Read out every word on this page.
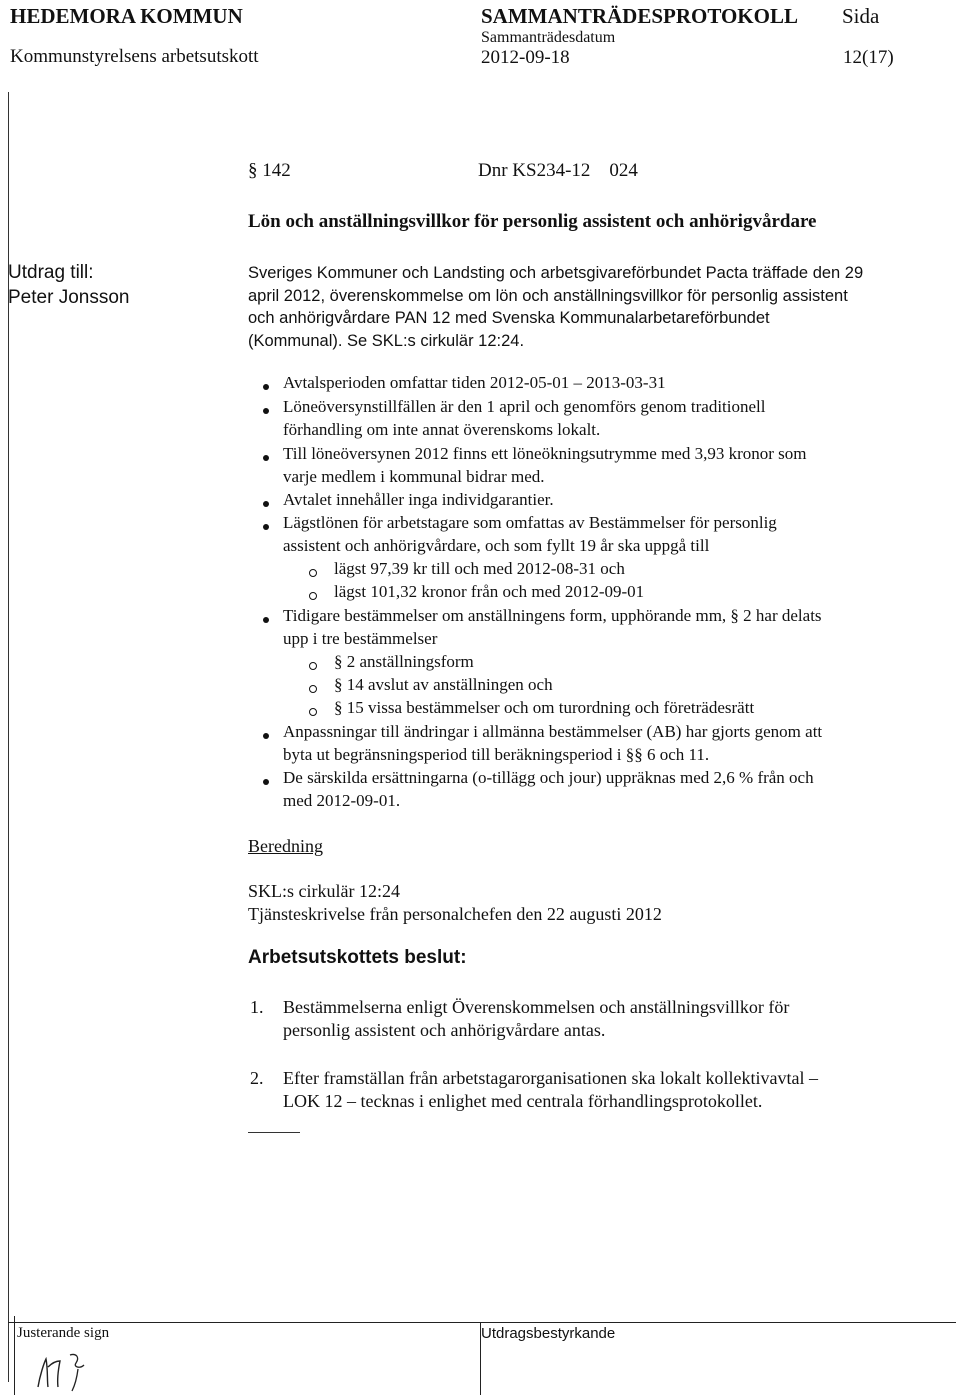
HEDEMORA KOMMUN
Kommunstyrelsens arbetsutskott
SAMMANTRÄDESPROTOKOLL Sida
Sammanträdesdatum
2012-09-18	12(17)
§ 142	Dnr KS234-12    024
Lön och anställningsvillkor för personlig assistent och anhörigvårdare
Utdrag till:
Peter Jonsson
Sveriges Kommuner och Landsting och arbetsgivareförbundet Pacta träffade den 29
april 2012, överenskommelse om lön och anställningsvillkor för personlig assistent
och anhörigvårdare PAN 12 med Svenska Kommunalarbetareförbundet
(Kommunal). Se SKL:s cirkulär 12:24.
Avtalsperioden omfattar tiden 2012-05-01 – 2013-03-31
Löneöversynstillfällen är den 1 april och genomförs genom traditionell
förhandling om inte annat överenskoms lokalt.
Till löneöversynen 2012 finns ett löneökningsutrymme med 3,93 kronor som
varje medlem i kommunal bidrar med.
Avtalet innehåller inga individgarantier.
Lägstlönen för arbetstagare som omfattas av Bestämmelser för personlig
assistent och anhörigvårdare, och som fyllt 19 år ska uppgå till
lägst 97,39 kr till och med 2012-08-31 och
lägst 101,32 kronor från och med 2012-09-01
Tidigare bestämmelser om anställningens form, upphörande mm, § 2 har delats
upp i tre bestämmelser
§ 2 anställningsform
§ 14 avslut av anställningen och
§ 15 vissa bestämmelser och om turordning och företrädesrätt
Anpassningar till ändringar i allmänna bestämmelser (AB) har gjorts genom att
byta ut begränsningsperiod till beräkningsperiod i §§ 6 och 11.
De särskilda ersättningarna (o-tillägg och jour) uppräknas med 2,6 % från och
med 2012-09-01.
Beredning
SKL:s cirkulär 12:24
Tjänsteskrivelse från personalchefen den 22 augusti 2012
Arbetsutskottets beslut:
1. Bestämmelserna enligt Överenskommelsen och anställningsvillkor för
personlig assistent och anhörigvårdare antas.
2. Efter framställan från arbetstagarorganisationen ska lokalt kollektivavtal –
LOK 12 – tecknas i enlighet med centrala förhandlingsprotokollet.
Justerande sign	Utdragsbestyrkande
